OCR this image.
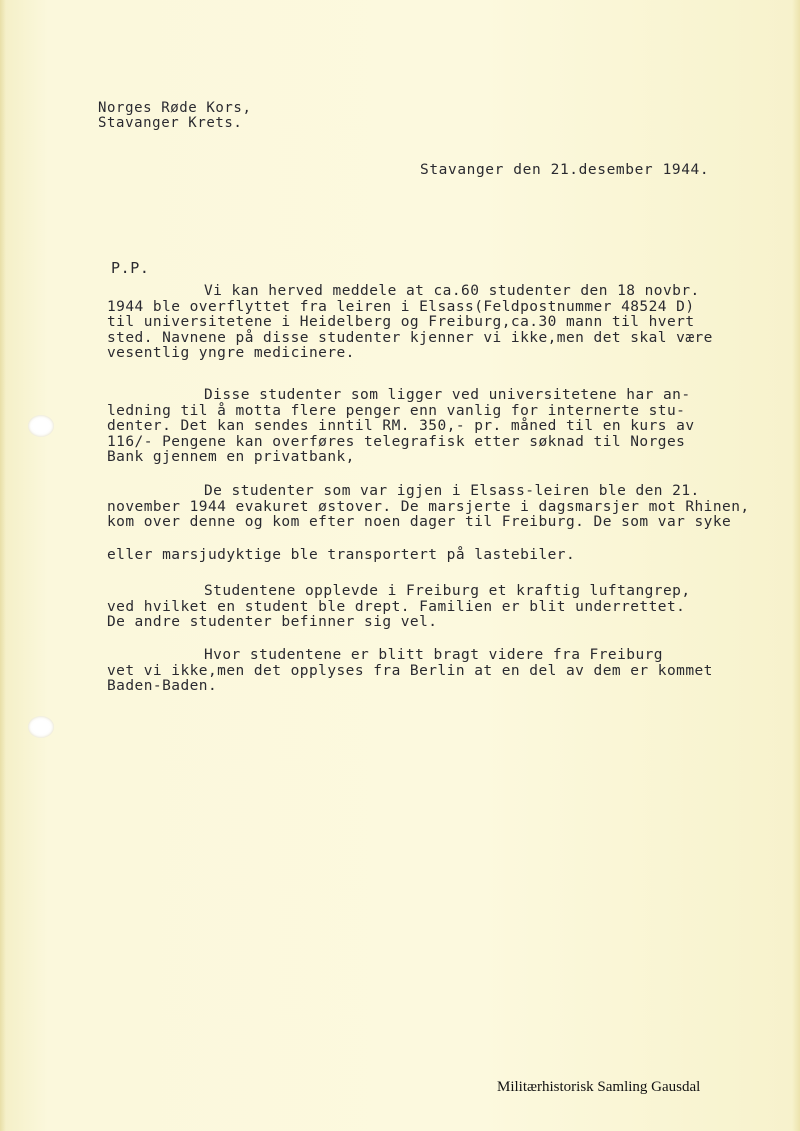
Norges Røde Kors,
Stavanger Krets.
Stavanger den 21.desember 1944.
P.P.
Vi kan herved meddele at ca.60 studenter den 18 novbr.
1944 ble overflyttet fra leiren i Elsass(Feldpostnummer 48524 D)
til universitetene i Heidelberg og Freiburg,ca.30 mann til hvert
sted. Navnene på disse studenter kjenner vi ikke,men det skal være
vesentlig yngre medicinere.
Disse studenter som ligger ved universitetene har an-
ledning til å motta flere penger enn vanlig for internerte stu-
denter. Det kan sendes inntil RM. 350,- pr. måned til en kurs av
116/- Pengene kan overføres telegrafisk etter søknad til Norges
Bank gjennem en privatbank,
De studenter som var igjen i Elsass-leiren ble den 21.
november 1944 evakuret østover. De marsjerte i dagsmarsjer mot Rhinen,
kom over denne og kom efter noen dager til Freiburg. De som var syke
eller marsjudyktige ble transportert på lastebiler.
Studentene opplevde i Freiburg et kraftig luftangrep,
ved hvilket en student ble drept. Familien er blit underrettet.
De andre studenter befinner sig vel.
Hvor studentene er blitt bragt videre fra Freiburg
vet vi ikke,men det opplyses fra Berlin at en del av dem er kommet
Baden-Baden.
Militærhistorisk Samling Gausdal
